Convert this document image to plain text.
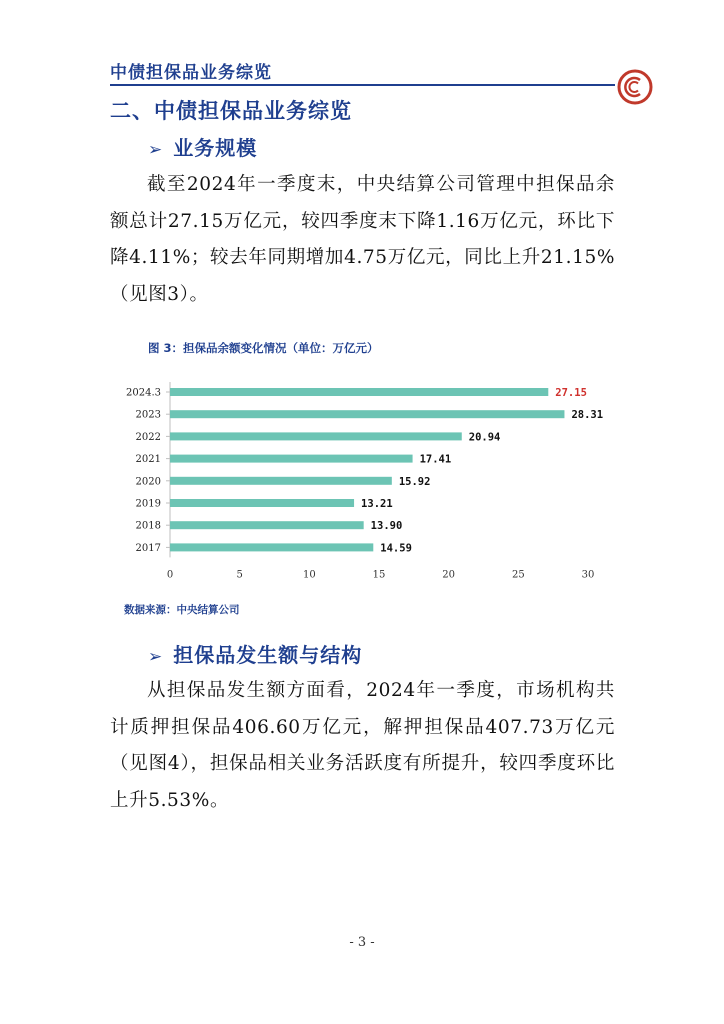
中债担保品业务综览
二、中债担保品业务综览
➢ 业务规模
截至2024年一季度末，中央结算公司管理中担保品余额总计27.15万亿元，较四季度末下降1.16万亿元，环比下降4.11%；较去年同期增加4.75万亿元，同比上升21.15%（见图3）。
图 3：担保品余额变化情况（单位：万亿元）
2024.3	27.15
2023	28.31
2022	20.94
2021	17.41
2020	15.92
2019	13.21
2018	13.90
2017	14.59
0	5	10	15	20	25	30
数据来源：中央结算公司
➢ 担保品发生额与结构
从担保品发生额方面看，2024年一季度，市场机构共计质押担保品406.60万亿元，解押担保品407.73万亿元（见图4），担保品相关业务活跃度有所提升，较四季度环比上升5.53%。
- 3 -
